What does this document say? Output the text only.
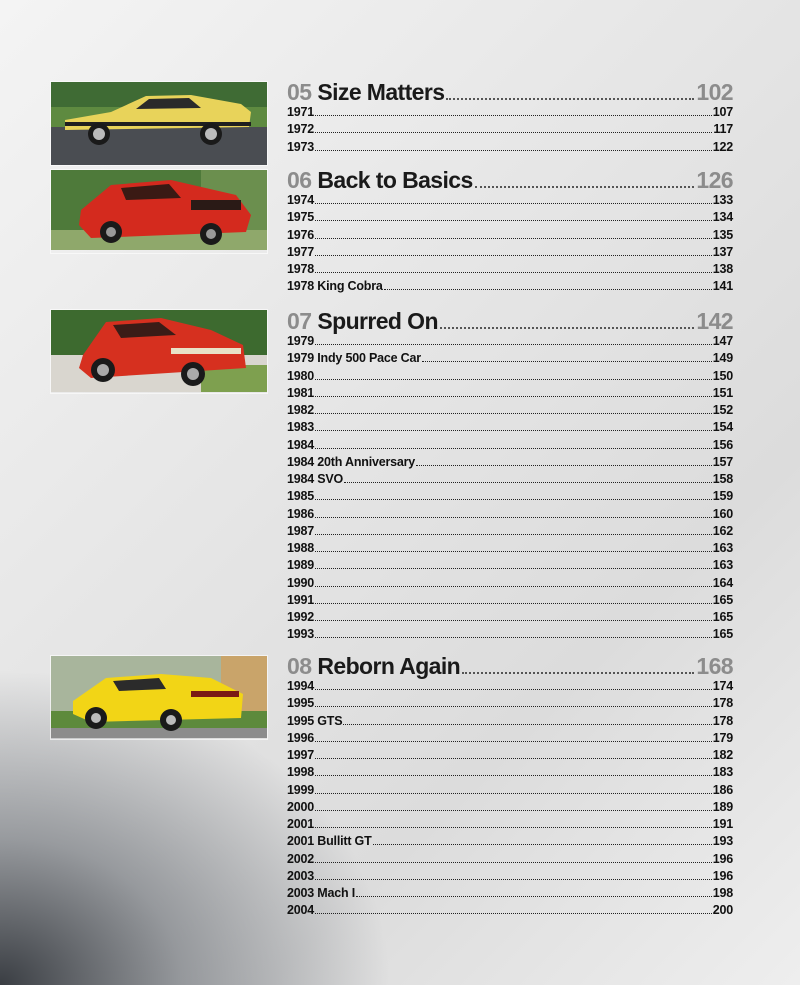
05 Size Matters	102
1971	107
1972	117
1973	122
06 Back to Basics	126
1974	133
1975	134
1976	135
1977	137
1978	138
1978 King Cobra	141
07 Spurred On	142
1979	147
1979 Indy 500 Pace Car	149
1980	150
1981	151
1982	152
1983	154
1984	156
1984 20th Anniversary	157
1984 SVO	158
1985	159
1986	160
1987	162
1988	163
1989	163
1990	164
1991	165
1992	165
1993	165
08 Reborn Again	168
1994	174
1995	178
1995 GTS	178
1996	179
1997	182
1998	183
1999	186
2000	189
2001	191
2001 Bullitt GT	193
2002	196
2003	196
2003 Mach I	198
2004	200
